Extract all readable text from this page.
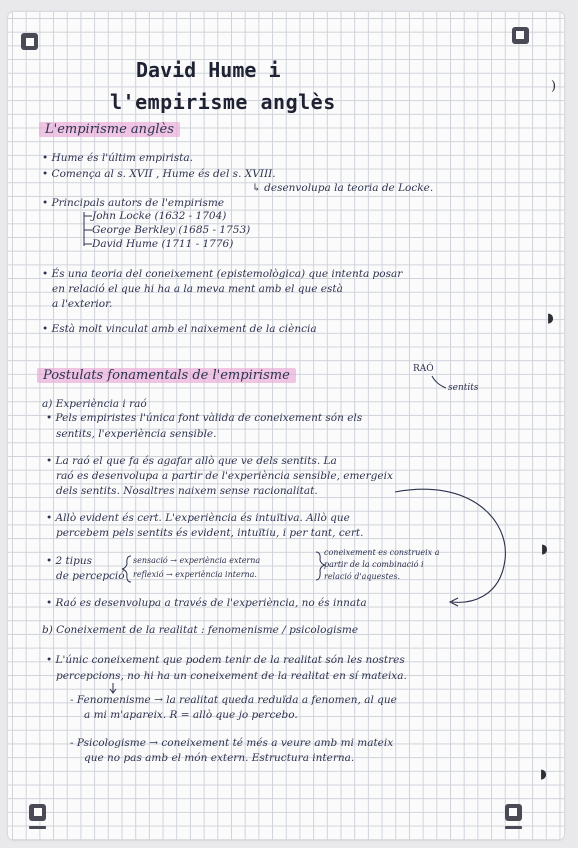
)
◗
◗
◗
David Hume i
l'empirisme anglès
L'empirisme anglès
• Hume és l'últim empirista.
• Comença al s. XVII , Hume és del s. XVIII.
↳ desenvolupa la teoria de Locke.
• Principals autors de l'empirisme
John Locke (1632 - 1704)
George Berkley (1685 - 1753)
David Hume (1711 - 1776)
• És una teoria del coneixement (epistemològica) que intenta posar
en relació el que hi ha a la meva ment amb el que està
a l'exterior.
• Està molt vinculat amb el naixement de la ciència
Postulats fonamentals de l'empirisme	RAÓ
sentits
a) Experiència i raó
• Pels empiristes l'única font vàlida de coneixement són els
sentits, l'experiència sensible.
• La raó el que fa és agafar allò que ve dels sentits. La
raó es desenvolupa a partir de l'experiència sensible, emergeix
dels sentits. Nosaltres naixem sense racionalitat.
• Allò evident és cert. L'experiència és intuïtiva. Allò que
percebem pels sentits és evident, intuïtiu, i per tant, cert.
• 2 tipus
de percepció
sensació → experiència externa
reflexió → experiència interna.
coneixement es construeix a
partir de la combinació i
relació d'aquestes.
• Raó es desenvolupa a través de l'experiència, no és innata
b) Coneixement de la realitat : fenomenisme / psicologisme
• L'únic coneixement que podem tenir de la realitat són les nostres
percepcions, no hi ha un coneixement de la realitat en sí mateixa.
- Fenomenisme → la realitat queda reduïda a fenomen, al que
a mi m'apareix. R = allò que jo percebo.
- Psicologisme → coneixement té més a veure amb mi mateix
que no pas amb el món extern. Estructura interna.
